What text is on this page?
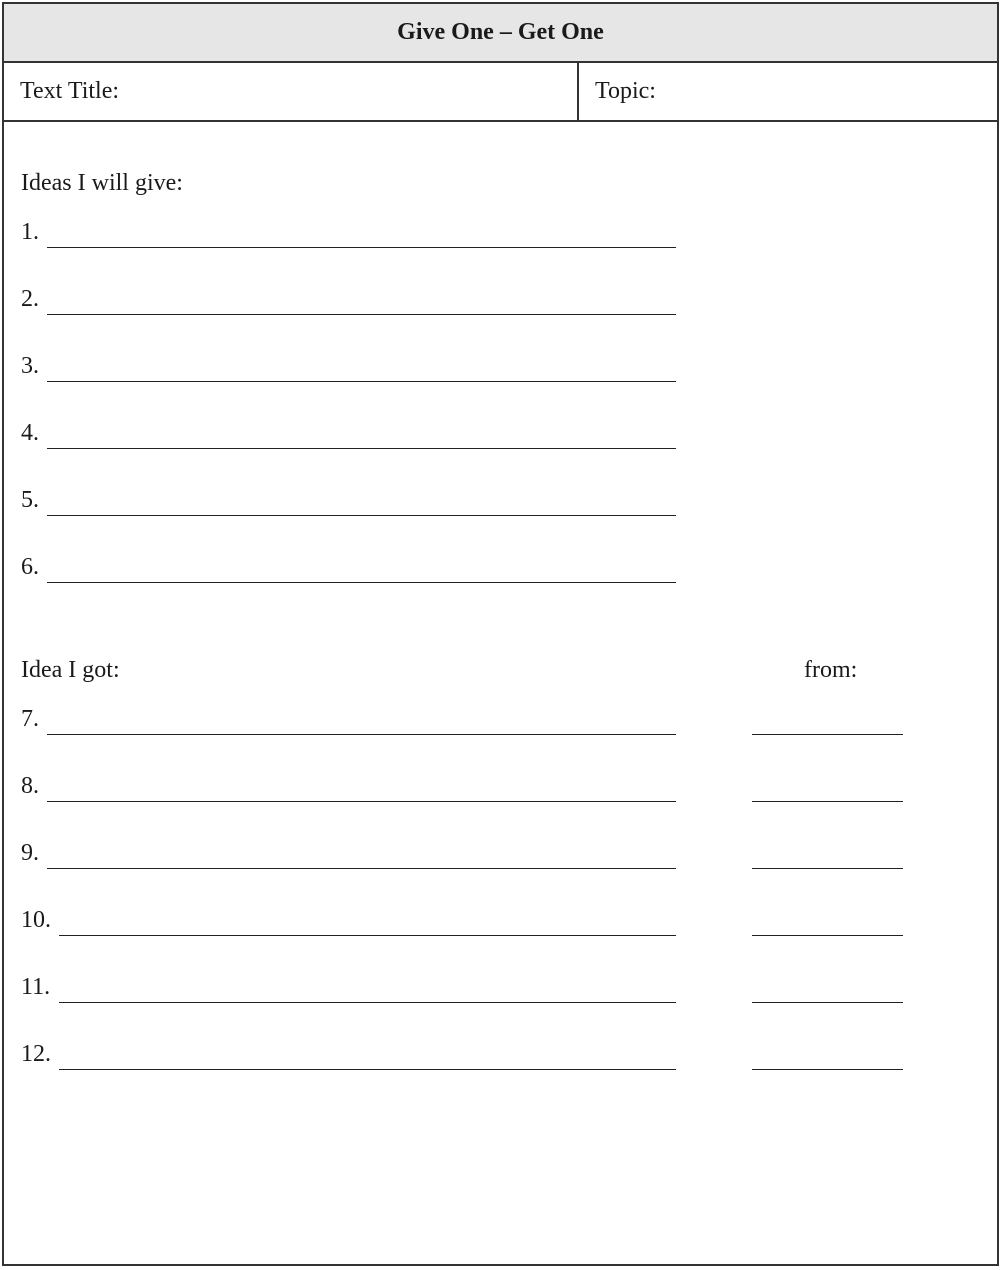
Give One – Get One
Text Title:	Topic:
Ideas I will give:
1.
2.
3.
4.
5.
6.
Idea I got:	from:
7.
8.
9.
10.
11.
12.
